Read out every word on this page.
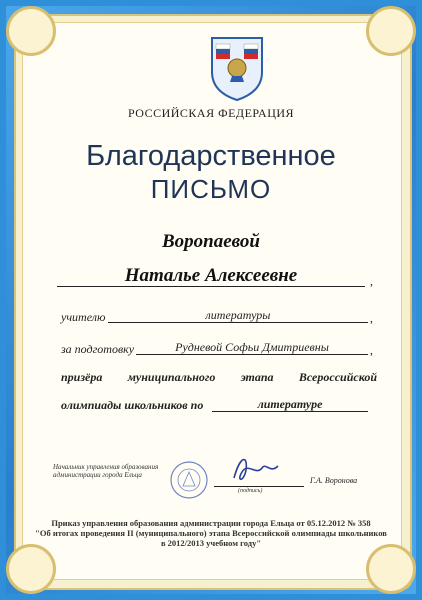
РОССИЙСКАЯ ФЕДЕРАЦИЯ
Благодарственное
ПИСЬМО
Воропаевой
Наталье Алексеевне	,
учителю	литературы	,
за подготовку	Рудневой Софьи Дмитриевны	,
призёра муниципального этапа Всероссийской
олимпиады школьников по	литературе
Начальник управления образования администрации города Ельца
(подпись)
Г.А. Воронова
Приказ управления образования администрации города Ельца от 05.12.2012 № 358
"Об итогах проведения II (муниципального) этапа Всероссийской олимпиады школьников
в 2012/2013 учебном году"
